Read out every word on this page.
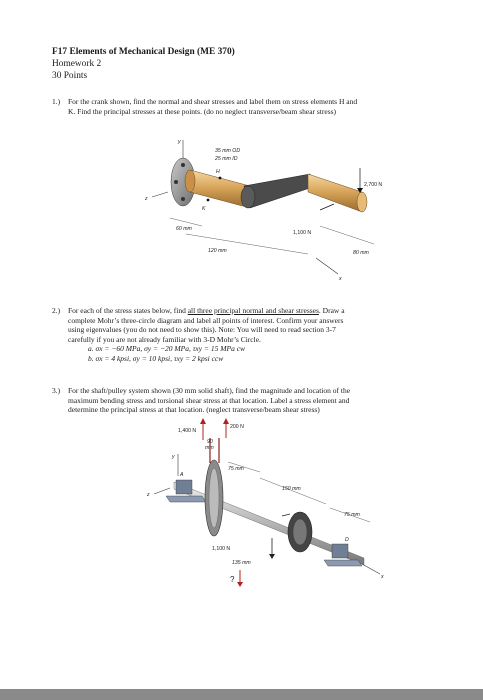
F17 Elements of Mechanical Design (ME 370)
Homework 2
30 Points
1.) For the crank shown, find the normal and shear stresses and label them on stress elements H and
K. Find the principal stresses at these points. (do no neglect transverse/beam shear stress)
y
z
H
K
35 mm OD
25 mm ID
2,700 N
1,100 N
60 mm
120 mm	80 mm
x
2.) For each of the stress states below, find all three principal normal and shear stresses. Draw a
complete Mohr’s three-circle diagram and label all points of interest. Confirm your answers
using eigenvalues (you do not need to show this). Note: You will need to read section 3-7
carefully if you are not already familiar with 3-D Mohr’s Circle.
a. σx = −60 MPa, σy = −20 MPa, τxy = 15 MPa cw
b. σx = 4 kpsi, σy = 10 kpsi, τxy = 2 kpsi ccw
3.) For the shaft/pulley system shown (30 mm solid shaft), find the magnitude and location of the
maximum bending stress and torsional shear stress at that location. Label a stress element and
determine the principal stress at that location. (neglect transverse/beam shear stress)
y
z
A
D
1,400 N
200 N
90
mm
75 mm
150 mm
75 mm
1,100 N
135 mm
?	x
